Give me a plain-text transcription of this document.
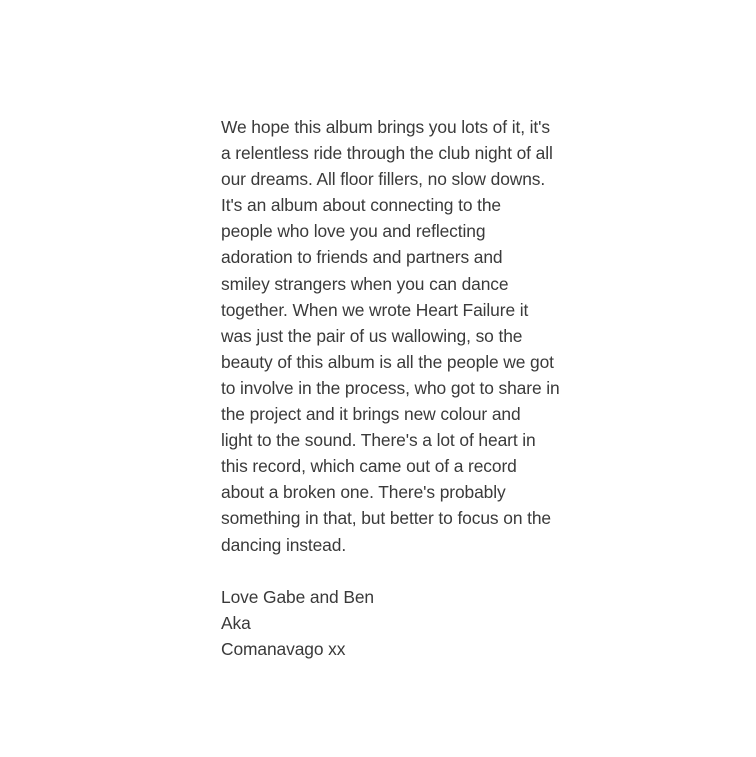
We hope this album brings you lots of it, it's
a relentless ride through the club night of all
our dreams. All floor fillers, no slow downs.
It's an album about connecting to the
people who love you and reflecting
adoration to friends and partners and
smiley strangers when you can dance
together. When we wrote Heart Failure it
was just the pair of us wallowing, so the
beauty of this album is all the people we got
to involve in the process, who got to share in
the project and it brings new colour and
light to the sound. There's a lot of heart in
this record, which came out of a record
about a broken one. There's probably
something in that, but better to focus on the
dancing instead.
Love Gabe and Ben
Aka
Comanavago xx
